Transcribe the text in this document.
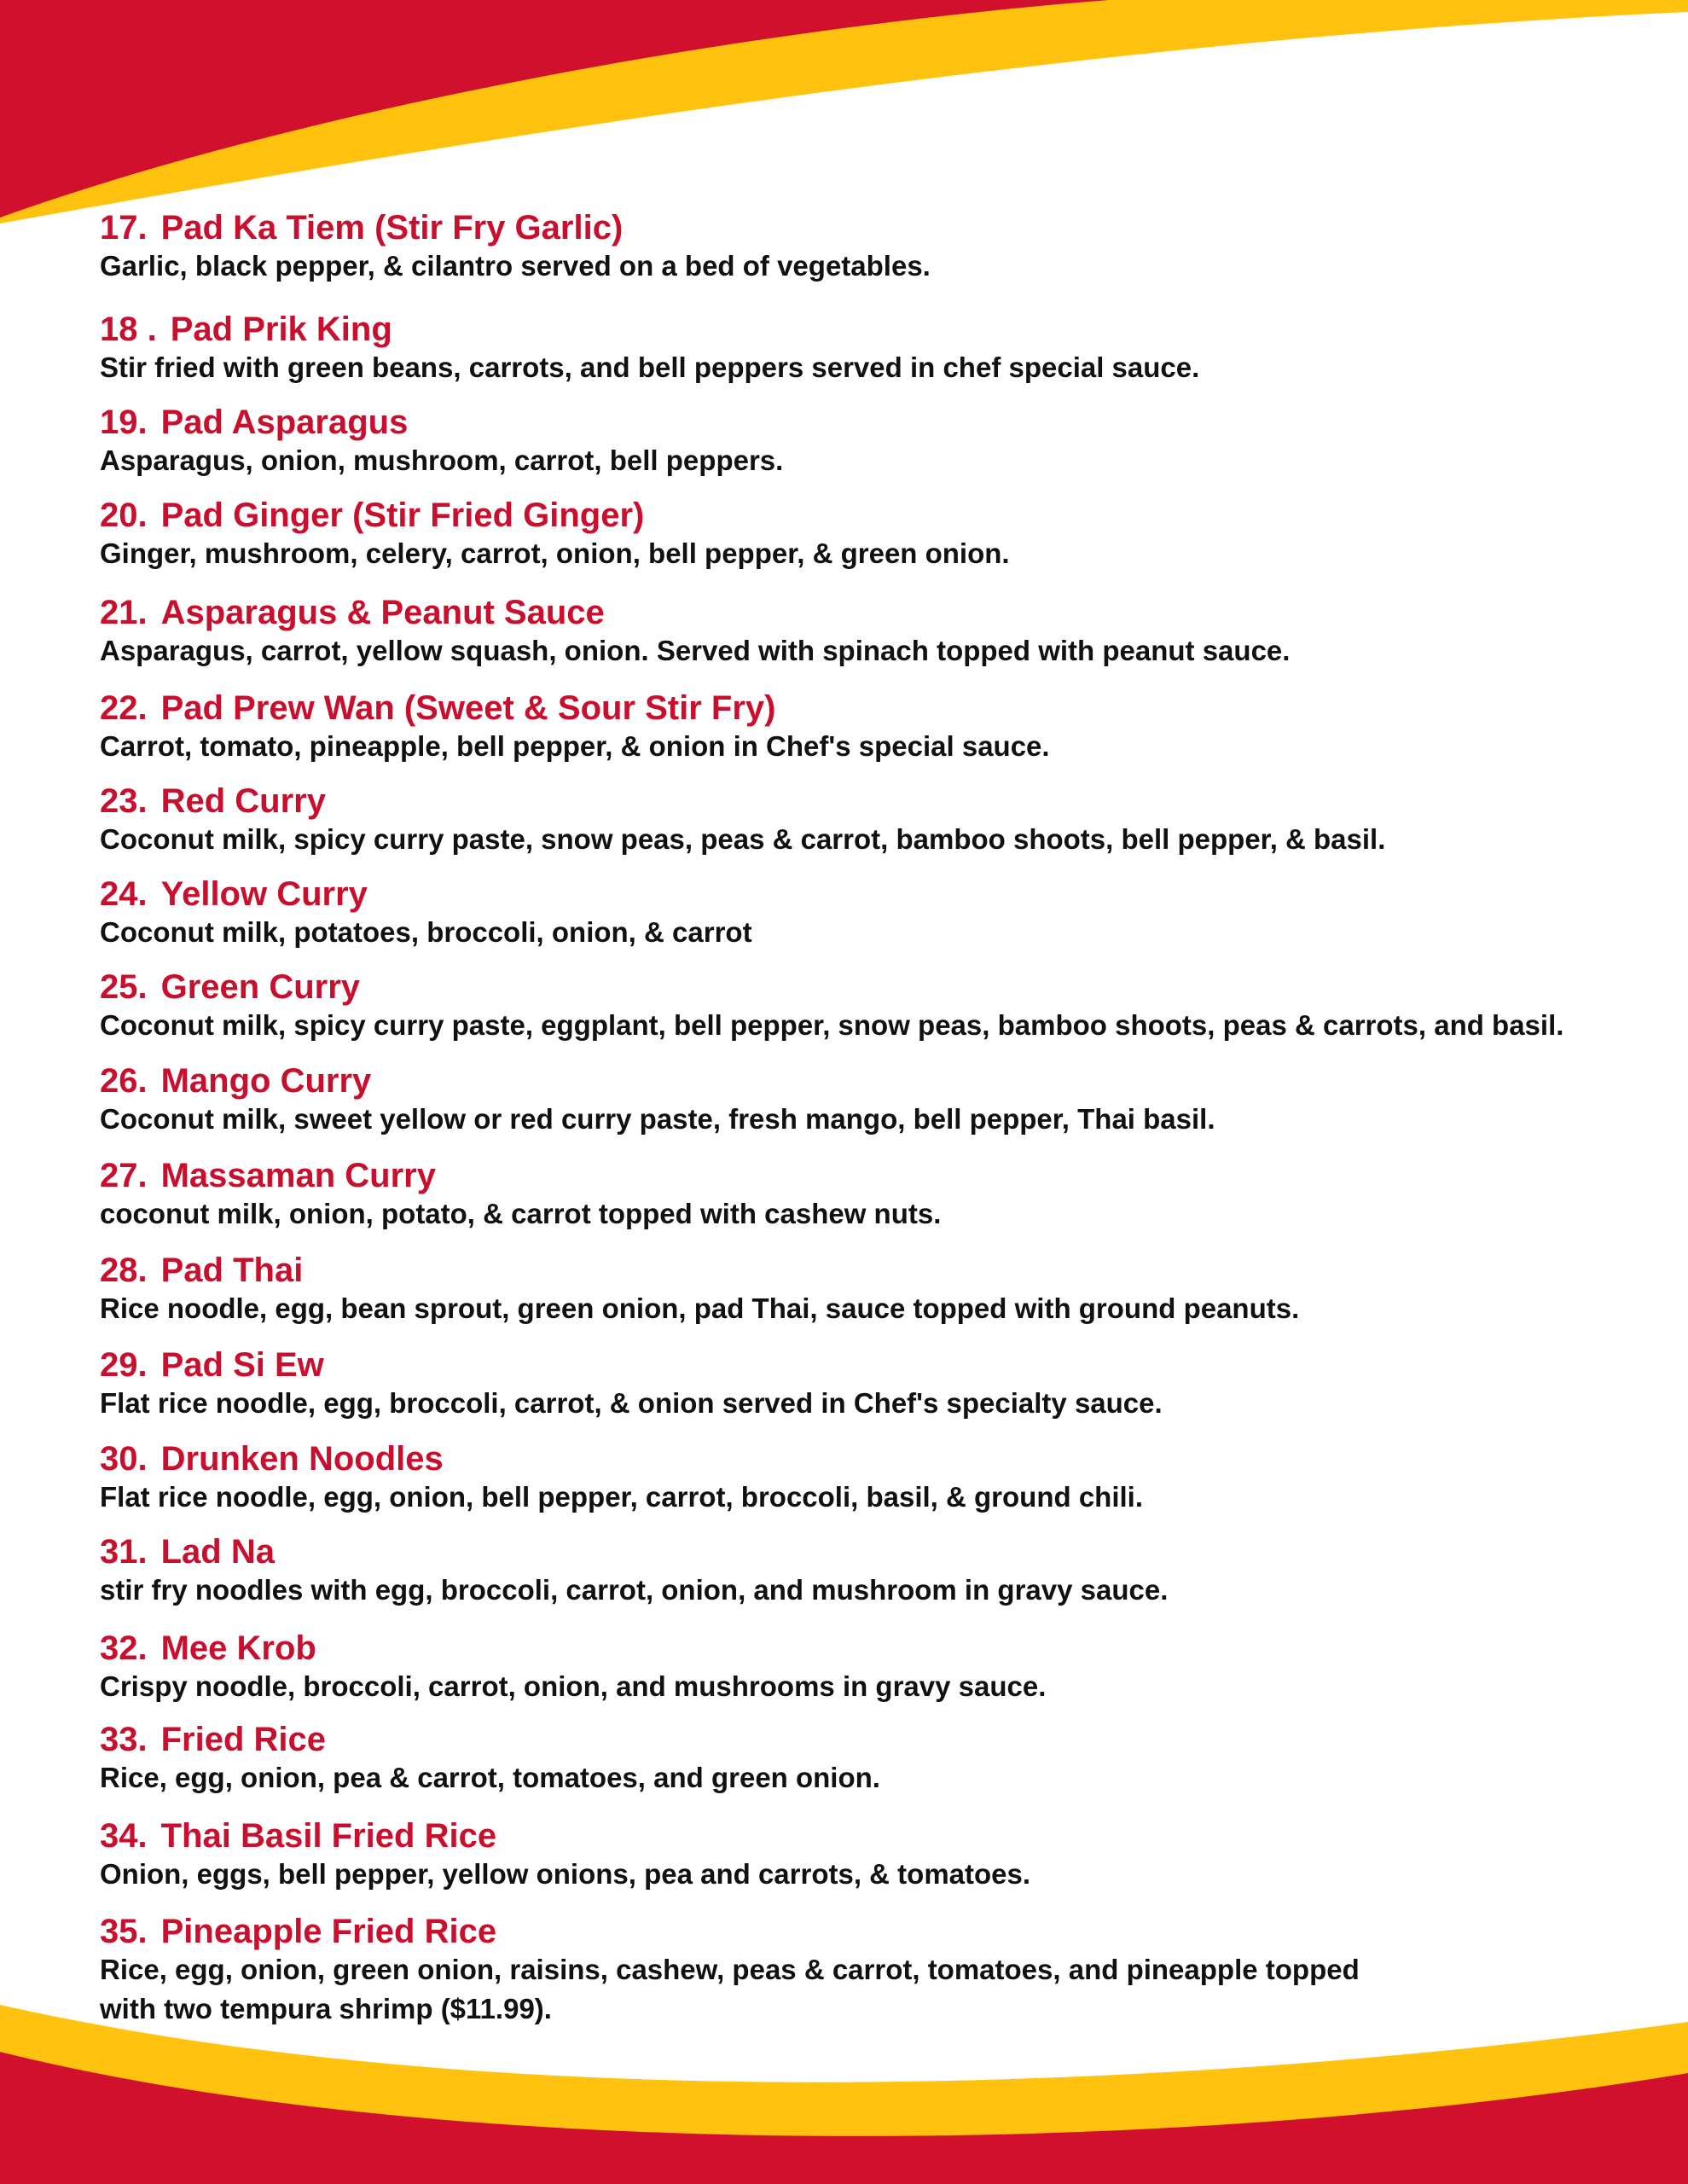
17. Pad Ka Tiem (Stir Fry Garlic)
Garlic, black pepper, & cilantro served on a bed of vegetables.
18 . Pad Prik King
Stir fried with green beans, carrots, and bell peppers served in chef special sauce.
19. Pad Asparagus
Asparagus, onion, mushroom, carrot, bell peppers.
20. Pad Ginger (Stir Fried Ginger)
Ginger, mushroom, celery, carrot, onion, bell pepper, & green onion.
21. Asparagus & Peanut Sauce
Asparagus, carrot, yellow squash, onion. Served with spinach topped with peanut sauce.
22. Pad Prew Wan (Sweet & Sour Stir Fry)
Carrot, tomato, pineapple, bell pepper, & onion in Chef's special sauce.
23. Red Curry
Coconut milk, spicy curry paste, snow peas, peas & carrot, bamboo shoots, bell pepper, & basil.
24. Yellow Curry
Coconut milk, potatoes, broccoli, onion, & carrot
25. Green Curry
Coconut milk, spicy curry paste, eggplant, bell pepper, snow peas, bamboo shoots, peas & carrots, and basil.
26. Mango Curry
Coconut milk, sweet yellow or red curry paste, fresh mango, bell pepper, Thai basil.
27. Massaman Curry
coconut milk, onion, potato, & carrot topped with cashew nuts.
28. Pad Thai
Rice noodle, egg, bean sprout, green onion, pad Thai, sauce topped with ground peanuts.
29. Pad Si Ew
Flat rice noodle, egg, broccoli, carrot, & onion served in Chef's specialty sauce.
30. Drunken Noodles
Flat rice noodle, egg, onion, bell pepper, carrot, broccoli, basil, & ground chili.
31. Lad Na
stir fry noodles with egg, broccoli, carrot, onion, and mushroom in gravy sauce.
32. Mee Krob
Crispy noodle, broccoli, carrot, onion, and mushrooms in gravy sauce.
33. Fried Rice
Rice, egg, onion, pea & carrot, tomatoes, and green onion.
34. Thai Basil Fried Rice
Onion, eggs, bell pepper, yellow onions, pea and carrots, & tomatoes.
35. Pineapple Fried Rice
Rice, egg, onion, green onion, raisins, cashew, peas & carrot, tomatoes, and pineapple topped
with two tempura shrimp ($11.99).
